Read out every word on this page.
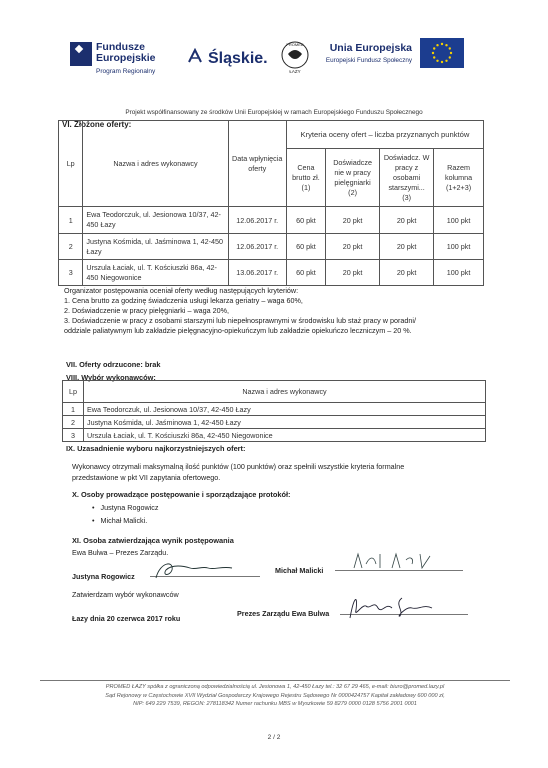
Fundusze
Europejskie
Program Regionalny
Śląskie.
PROMED
ŁAZY
Unia Europejska
Europejski Fundusz Społeczny
Projekt współfinansowany ze środków Unii Europejskiej w ramach Europejskiego Funduszu Społecznego
VI. Złożone oferty:
Lp	Nazwa i adres wykonawcy	Data wpłynięcia oferty	Kryteria oceny ofert – liczba przyznanych punktów			
			Cena brutto zł. (1)	Doświadcze nie w pracy pielęgniarki (2)	Doświadcz. W pracy z osobami starszymi... (3)	Razem kolumna (1+2+3)
1	Ewa Teodorczuk, ul. Jesionowa 10/37, 42-450 Łazy	12.06.2017 r.	60 pkt	20 pkt	20 pkt	100 pkt
2	Justyna Kośmida, ul. Jaśminowa 1, 42-450 Łazy	12.06.2017 r.	60 pkt	20 pkt	20 pkt	100 pkt
3	Urszula Łaciak, ul. T. Kościuszki 86a, 42-450 Niegowonice	13.06.2017 r.	60 pkt	20 pkt	20 pkt	100 pkt
Organizator postępowania oceniał oferty według następujących kryteriów:
1. Cena brutto za godzinę świadczenia usługi lekarza geriatry – waga 60%,
2. Doświadczenie w pracy pielęgniarki – waga 20%,
3. Doświadczenie w pracy z osobami starszymi lub niepełnosprawnymi w środowisku lub staż pracy w poradni/
oddziale paliatywnym lub zakładzie pielęgnacyjno-opiekuńczym lub zakładzie opiekuńczo leczniczym – 20 %.
VII. Oferty odrzucone: brak
VIII. Wybór wykonawców:
Lp	Nazwa i adres wykonawcy
1	Ewa Teodorczuk, ul. Jesionowa 10/37, 42-450 Łazy
2	Justyna Kośmida, ul. Jaśminowa 1, 42-450 Łazy
3	Urszula Łaciak, ul. T. Kościuszki 86a, 42-450 Niegowonice
IX. Uzasadnienie wyboru najkorzystniejszych ofert:
Wykonawcy otrzymali maksymalną ilość punktów (100 punktów) oraz spełnili wszystkie kryteria formalne
przedstawione w pkt VII zapytania ofertowego.
X. Osoby prowadzące postępowanie i sporządzające protokół:
•   Justyna Rogowicz
•   Michał Malicki.
XI. Osoba zatwierdzająca wynik postępowania
Ewa Bulwa – Prezes Zarządu.
Justyna Rogowicz
Michał Malicki
Zatwierdzam wybór wykonawców
Łazy dnia 20 czerwca 2017 roku
Prezes Zarządu Ewa Bulwa
PROMED ŁAZY spółka z ograniczoną odpowiedzialnością ul. Jesionowa 1, 42-450 Łazy tel.: 32 67 29 465, e-mail: biuro@promed.lazy.pl
Sąd Rejonowy w Częstochowie XVII Wydział Gospodarczy Krajowego Rejestru Sądowego Nr 0000424757 Kapitał zakładowy 600 000 zł,
NIP: 649 229 7539, REGON: 278118342 Numer rachunku MBS w Myszkowie 59 8279 0000 0128 5756 2001 0001
2 / 2
